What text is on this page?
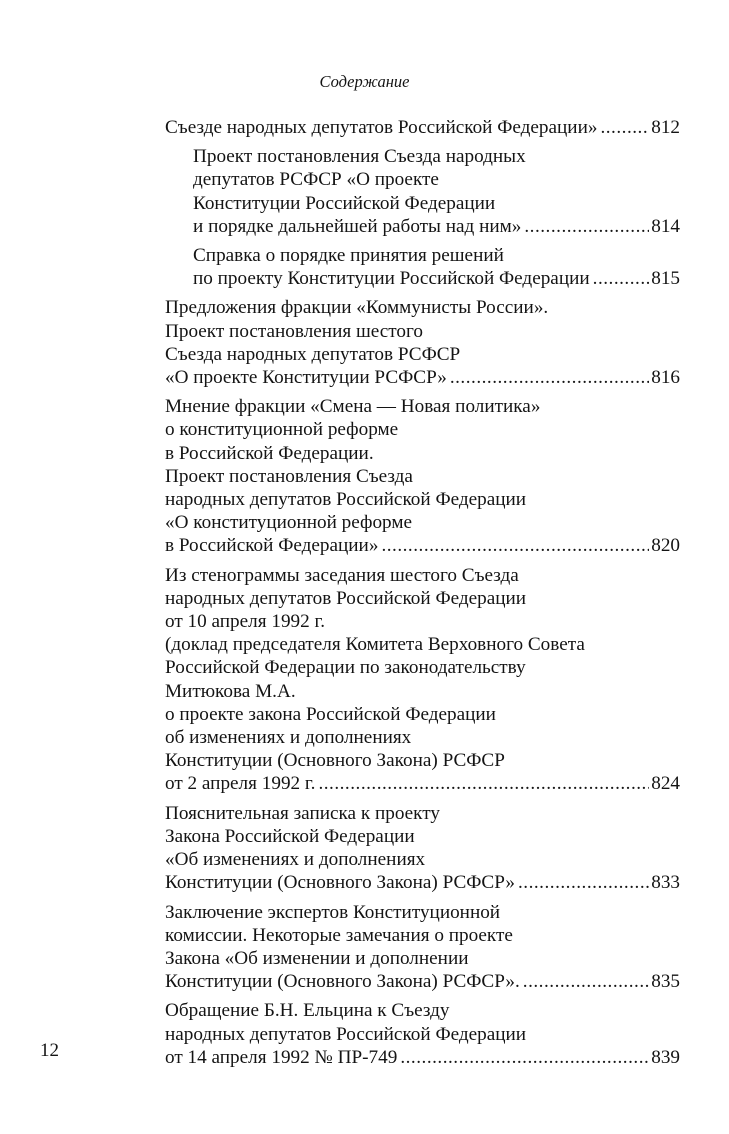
Содержание
Съезде народных депутатов Российской Федерации» .....	812
Проект постановления Съезда народных
депутатов РСФСР «О проекте
Конституции Российской Федерации
и порядке дальнейшей работы над ним» .....	814
Справка о порядке принятия решений
по проекту Конституции Российской Федерации .....	815
Предложения фракции «Коммунисты России».
Проект постановления шестого
Съезда народных депутатов РСФСР
«О проекте Конституции РСФСР» .....	816
Мнение фракции «Смена — Новая политика»
о конституционной реформе
в Российской Федерации.
Проект постановления Съезда
народных депутатов Российской Федерации
«О конституционной реформе
в Российской Федерации» .....	820
Из стенограммы заседания шестого Съезда
народных депутатов Российской Федерации
от 10 апреля 1992 г.
(доклад председателя Комитета Верховного Совета
Российской Федерации по законодательству
Митюкова М.А.
о проекте закона Российской Федерации
об изменениях и дополнениях
Конституции (Основного Закона) РСФСР
от 2 апреля 1992 г. .....	824
Пояснительная записка к проекту
Закона Российской Федерации
«Об изменениях и дополнениях
Конституции (Основного Закона) РСФСР» .....	833
Заключение экспертов Конституционной
комиссии. Некоторые замечания о проекте
Закона «Об изменении и дополнении
Конституции (Основного Закона) РСФСР». .....	835
Обращение Б.Н. Ельцина к Съезду
народных депутатов Российской Федерации
от 14 апреля 1992 № ПР-749 .....	839
12
